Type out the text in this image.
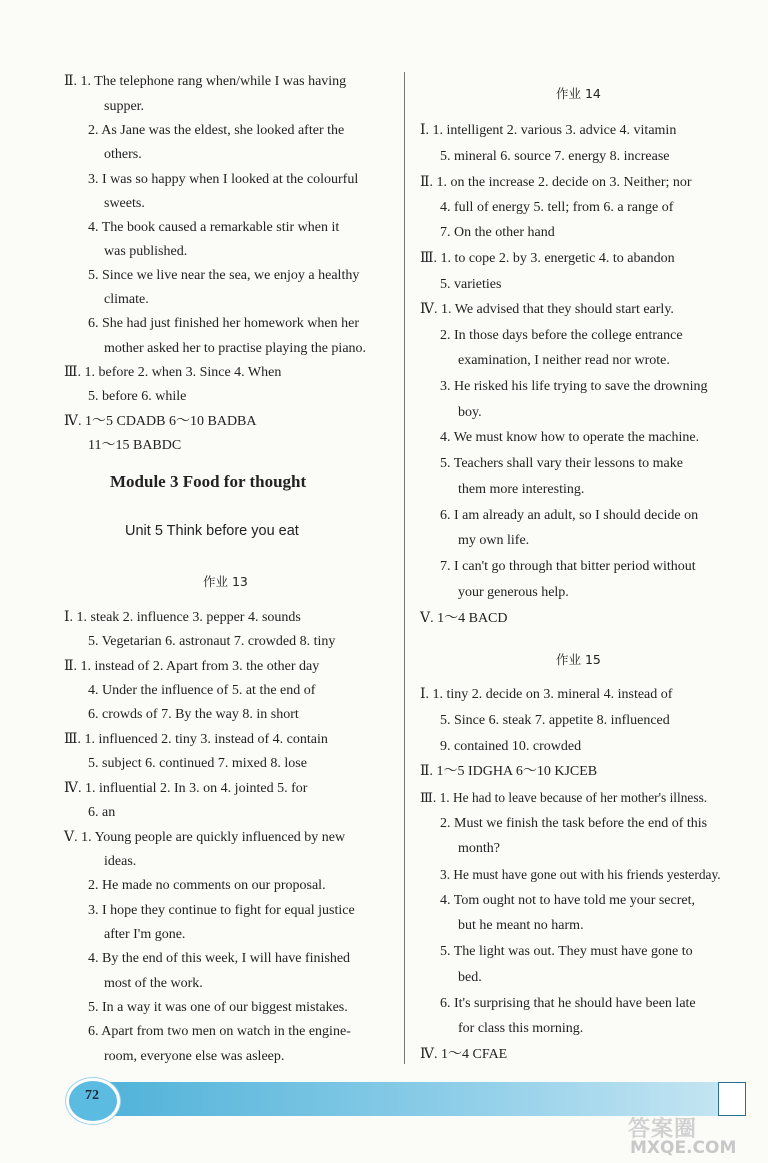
Ⅱ. 1. The telephone rang when/while I was having
supper.
2. As Jane was the eldest, she looked after the
others.
3. I was so happy when I looked at the colourful
sweets.
4. The book caused a remarkable stir when it
was published.
5. Since we live near the sea, we enjoy a healthy
climate.
6. She had just finished her homework when her
mother asked her to practise playing the piano.
Ⅲ. 1. before 2. when 3. Since 4. When
5. before 6. while
Ⅳ. 1～5 CDADB 6～10 BADBA
11～15 BABDC
Module 3 Food for thought
Unit 5 Think before you eat
作业 13
Ⅰ. 1. steak 2. influence 3. pepper 4. sounds
5. Vegetarian 6. astronaut 7. crowded 8. tiny
Ⅱ. 1. instead of 2. Apart from 3. the other day
4. Under the influence of 5. at the end of
6. crowds of 7. By the way 8. in short
Ⅲ. 1. influenced 2. tiny 3. instead of 4. contain
5. subject 6. continued 7. mixed 8. lose
Ⅳ. 1. influential 2. In 3. on 4. jointed 5. for
6. an
Ⅴ. 1. Young people are quickly influenced by new
ideas.
2. He made no comments on our proposal.
3. I hope they continue to fight for equal justice
after I'm gone.
4. By the end of this week, I will have finished
most of the work.
5. In a way it was one of our biggest mistakes.
6. Apart from two men on watch in the engine-
room, everyone else was asleep.
作业 14
Ⅰ. 1. intelligent 2. various 3. advice 4. vitamin
5. mineral 6. source 7. energy 8. increase
Ⅱ. 1. on the increase 2. decide on 3. Neither; nor
4. full of energy 5. tell; from 6. a range of
7. On the other hand
Ⅲ. 1. to cope 2. by 3. energetic 4. to abandon
5. varieties
Ⅳ. 1. We advised that they should start early.
2. In those days before the college entrance
examination, I neither read nor wrote.
3. He risked his life trying to save the drowning
boy.
4. We must know how to operate the machine.
5. Teachers shall vary their lessons to make
them more interesting.
6. I am already an adult, so I should decide on
my own life.
7. I can't go through that bitter period without
your generous help.
Ⅴ. 1～4 BACD
作业 15
Ⅰ. 1. tiny 2. decide on 3. mineral 4. instead of
5. Since 6. steak 7. appetite 8. influenced
9. contained 10. crowded
Ⅱ. 1～5 IDGHA 6～10 KJCEB
Ⅲ. 1. He had to leave because of her mother's illness.
2. Must we finish the task before the end of this
month?
3. He must have gone out with his friends yesterday.
4. Tom ought not to have told me your secret,
but he meant no harm.
5. The light was out. They must have gone to
bed.
6. It's surprising that he should have been late
for class this morning.
Ⅳ. 1～4 CFAE
72
答案圈
MXQE.COM
